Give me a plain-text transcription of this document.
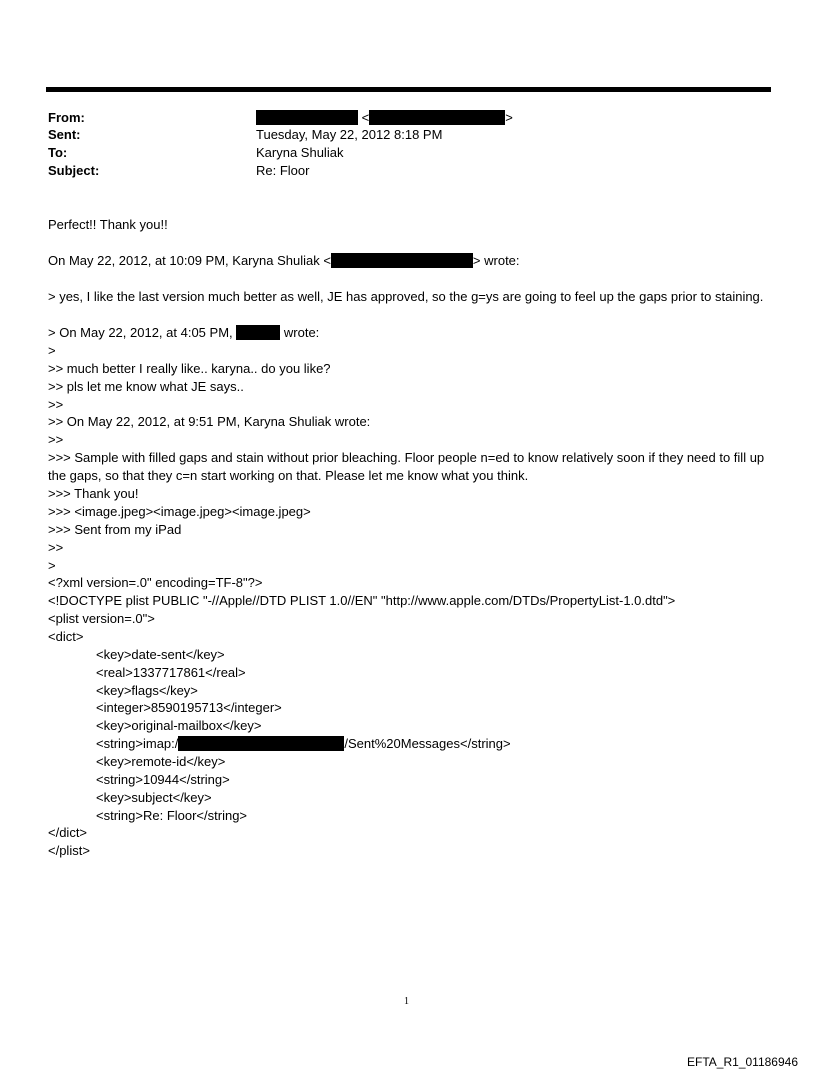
From:	<	>
Sent:	Tuesday, May 22, 2012 8:18 PM
To:	Karyna Shuliak
Subject:	Re: Floor
Perfect!! Thank you!!
On May 22, 2012, at 10:09 PM, Karyna Shuliak <	> wrote:
> yes, I like the last version much better as well, JE has approved, so the g=ys are going to feel up the gaps prior to staining.
> On May 22, 2012, at 4:05 PM,	wrote:
>
>> much better I really like.. karyna.. do you like?
>> pls let me know what JE says..
>>
>> On May 22, 2012, at 9:51 PM, Karyna Shuliak wrote:
>>
>>> Sample with filled gaps and stain without prior bleaching. Floor people n=ed to know relatively soon if they need to fill up the gaps, so that they c=n start working on that. Please let me know what you think.
>>> Thank you!
>>> <image.jpeg><image.jpeg><image.jpeg>
>>> Sent from my iPad
>>
>
<?xml version=.0" encoding=TF-8"?>
<!DOCTYPE plist PUBLIC "-//Apple//DTD PLIST 1.0//EN" "http://www.apple.com/DTDs/PropertyList-1.0.dtd">
<plist version=.0">
<dict>
<key>date-sent</key>
<real>1337717861</real>
<key>flags</key>
<integer>8590195713</integer>
<key>original-mailbox</key>
<string>imap:/	/Sent%20Messages</string>
<key>remote-id</key>
<string>10944</string>
<key>subject</key>
<string>Re: Floor</string>
</dict>
</plist>
1
EFTA_R1_01186946
